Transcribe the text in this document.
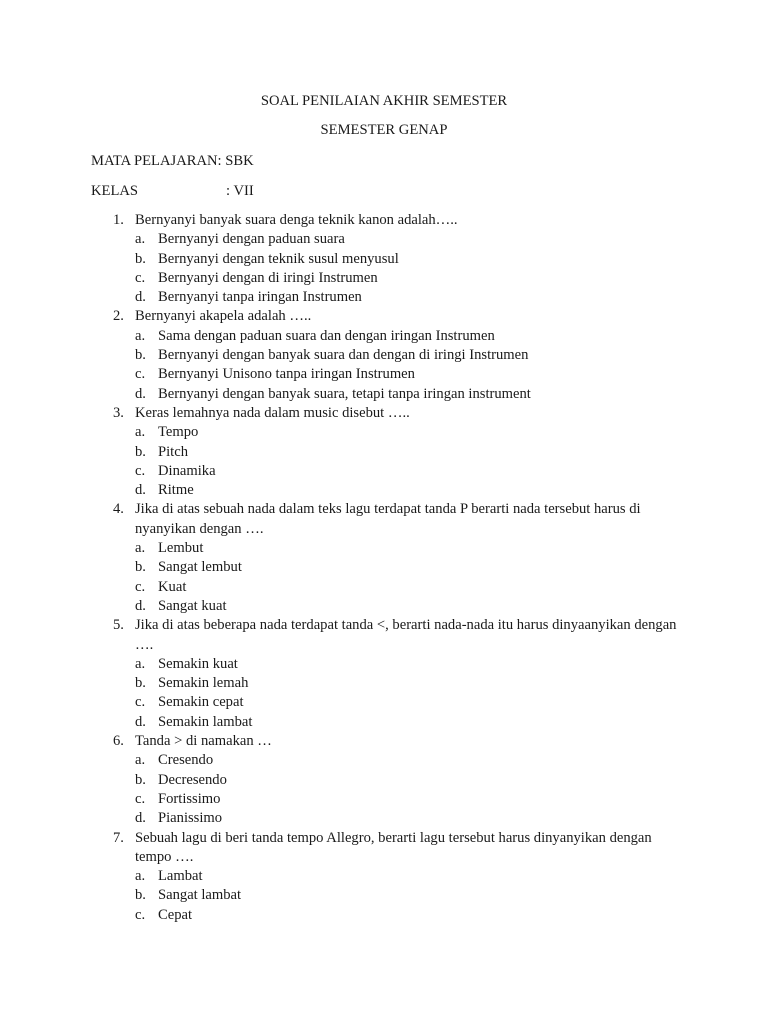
SOAL PENILAIAN AKHIR SEMESTER
SEMESTER GENAP
MATA PELAJARAN: SBK
KELAS	: VII
1. Bernyanyi banyak suara denga teknik kanon adalah…..
a. Bernyanyi dengan paduan suara
b. Bernyanyi dengan teknik susul menyusul
c. Bernyanyi dengan di iringi Instrumen
d. Bernyanyi tanpa iringan Instrumen
2. Bernyanyi akapela adalah …..
a. Sama dengan paduan suara dan dengan iringan Instrumen
b. Bernyanyi dengan banyak suara dan dengan di iringi Instrumen
c. Bernyanyi Unisono tanpa iringan Instrumen
d. Bernyanyi dengan banyak suara, tetapi tanpa iringan instrument
3. Keras lemahnya nada dalam music disebut …..
a. Tempo
b. Pitch
c. Dinamika
d. Ritme
4. Jika di atas sebuah nada dalam teks lagu terdapat tanda P berarti nada tersebut harus di nyanyikan dengan ….
a. Lembut
b. Sangat lembut
c. Kuat
d. Sangat kuat
5. Jika di atas beberapa nada terdapat tanda <, berarti nada-nada itu harus dinyaanyikan dengan ….
a. Semakin kuat
b. Semakin lemah
c. Semakin cepat
d. Semakin lambat
6. Tanda > di namakan …
a. Cresendo
b. Decresendo
c. Fortissimo
d. Pianissimo
7. Sebuah lagu di beri tanda tempo Allegro, berarti lagu tersebut harus dinyanyikan dengan tempo ….
a. Lambat
b. Sangat lambat
c. Cepat
